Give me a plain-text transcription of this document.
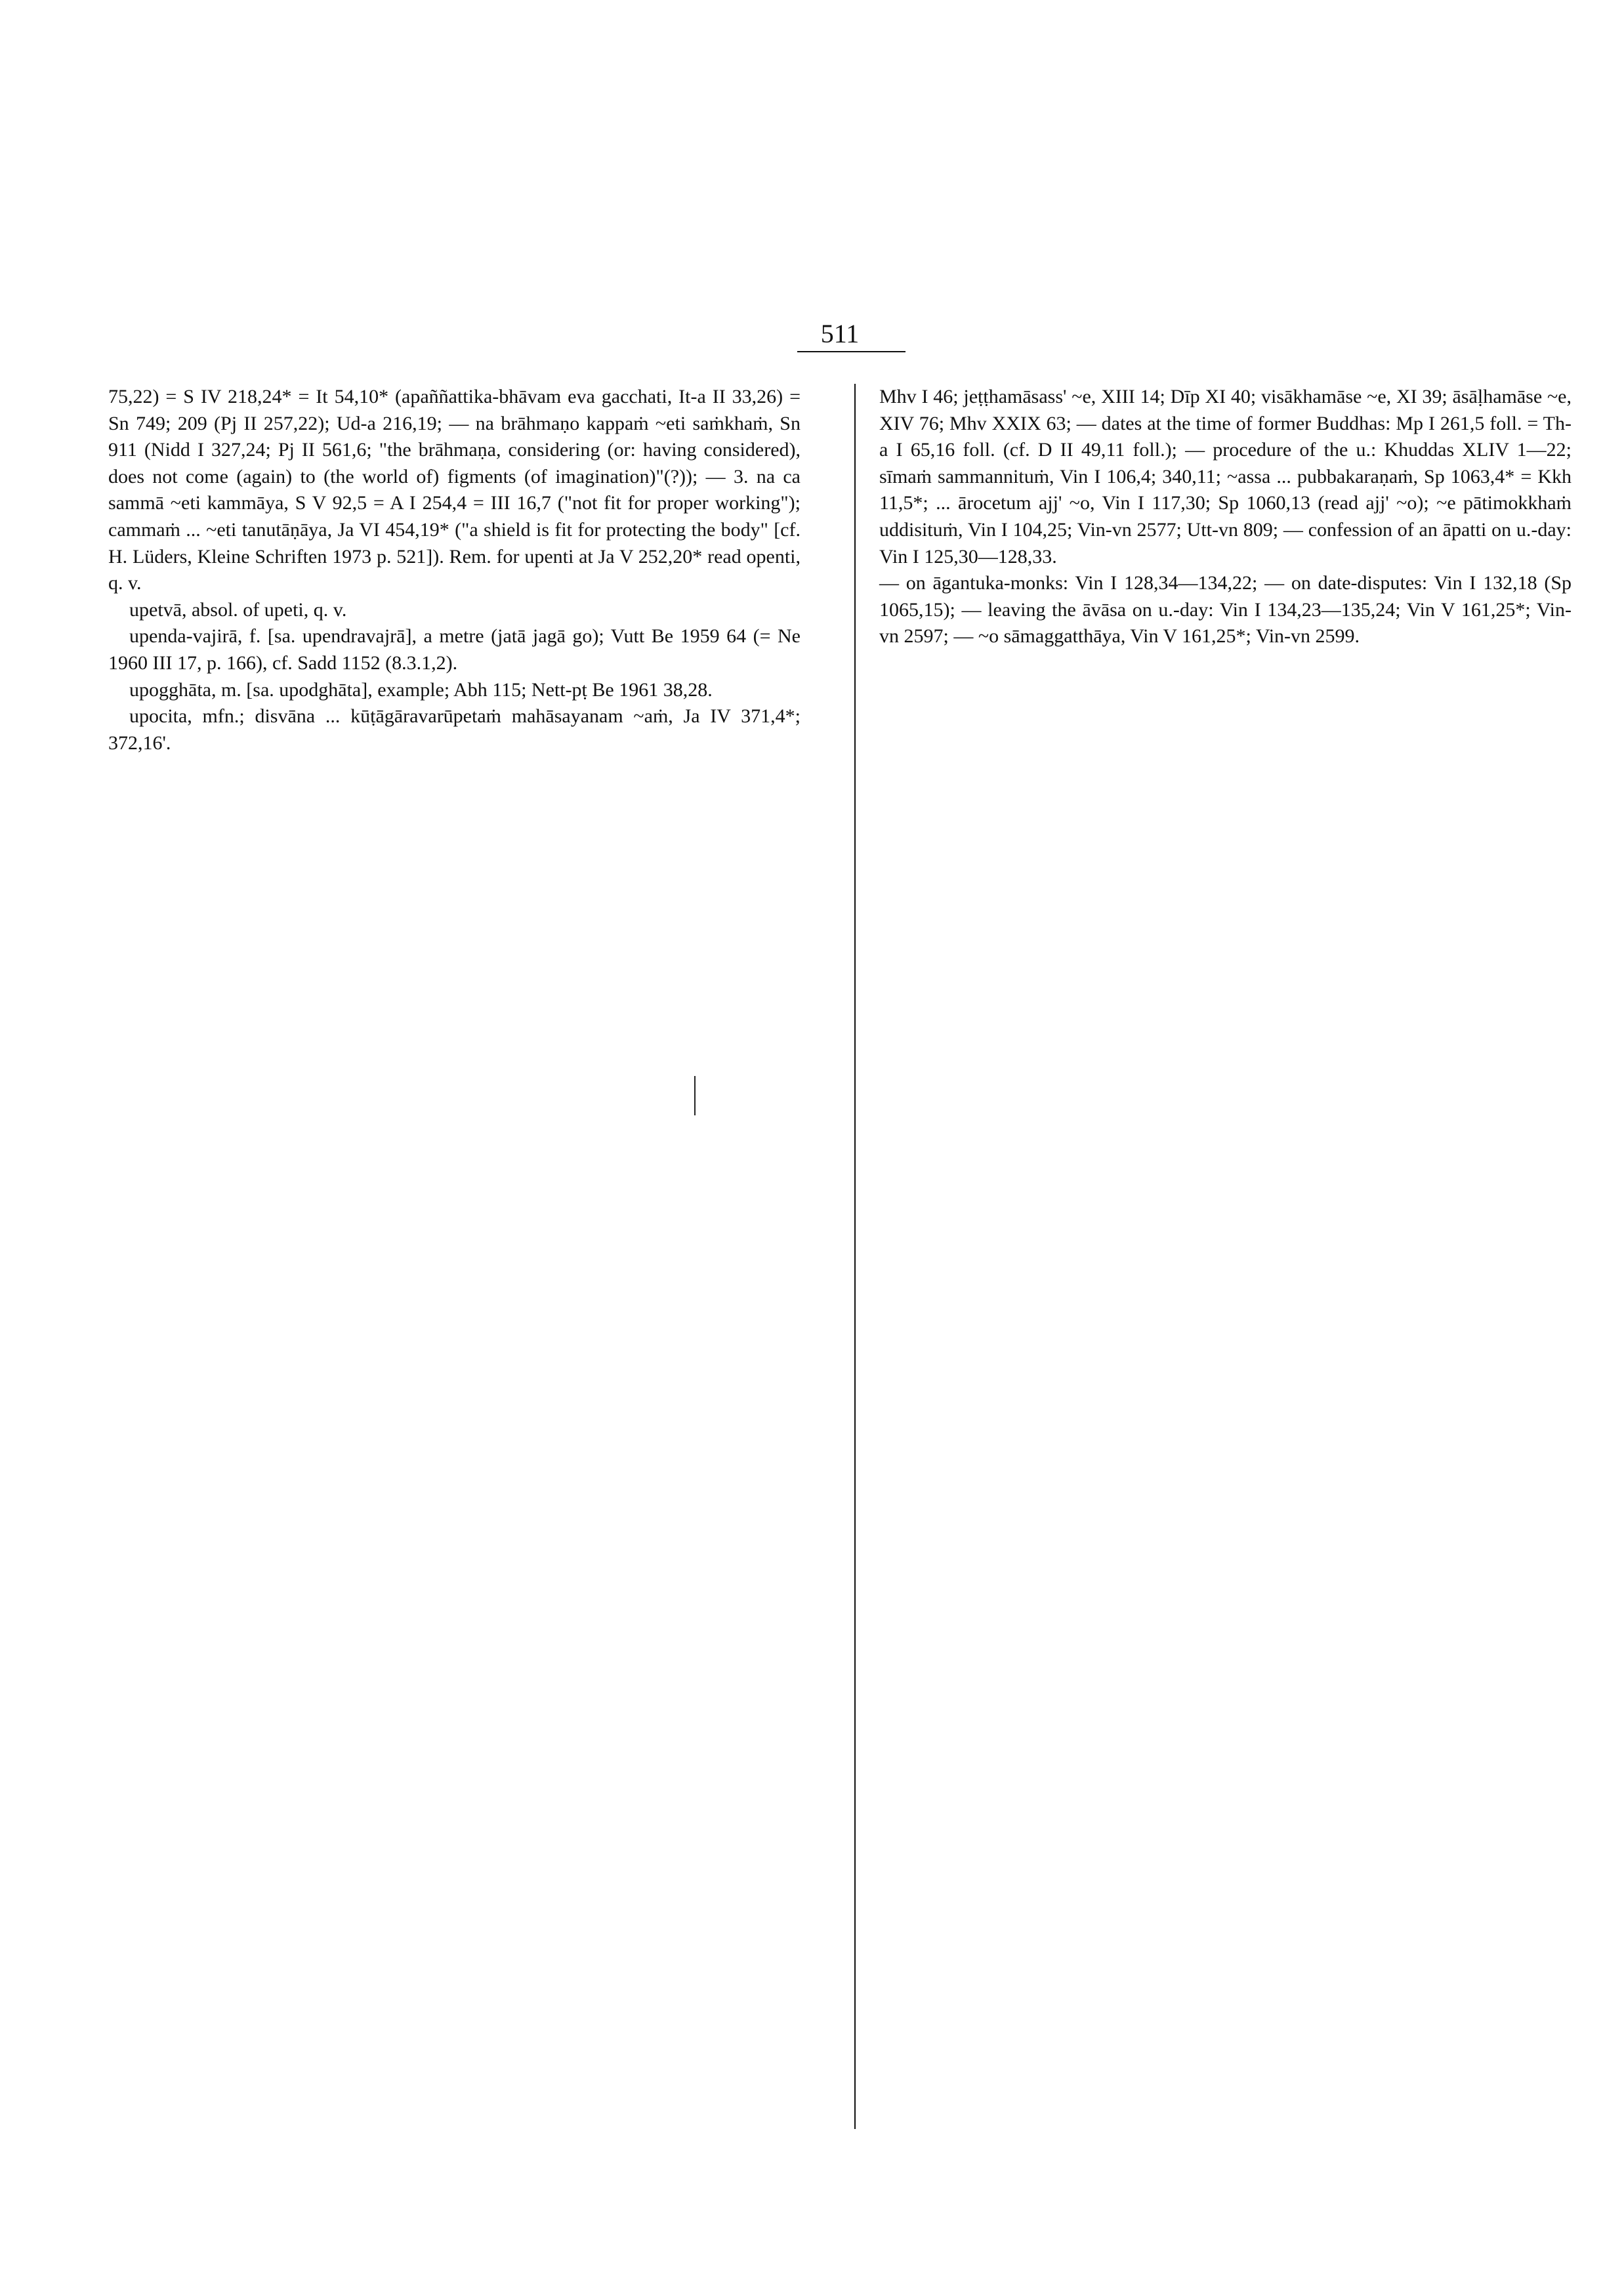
511

75,22) = S IV 218,24* = It 54,10* (apaññattika-bhāvam eva gacchati, It-a II 33,26) = Sn 749; 209 (Pj II 257,22); Ud-a 216,19; — na brāhmaṇo kappaṁ ~eti saṁkhaṁ, Sn 911 (Nidd I 327,24; Pj II 561,6; "the brāhmaṇa, considering (or: having considered), does not come (again) to (the world of) figments (of imagination)"(?)); — 3. na ca sammā ~eti kammāya, S V 92,5 = A I 254,4 = III 16,7 ("not fit for proper working"); cammaṁ ... ~eti tanutāṇāya, Ja VI 454,19* ("a shield is fit for protecting the body" [cf. H. Lüders, Kleine Schriften 1973 p. 521]). Rem. for upenti at Ja V 252,20* read openti, q. v.

upetvā, absol. of upeti, q. v.

upenda-vajirā, f. [sa. upendravajrā], a metre (jatā jagā go); Vutt Be 1959 64 (= Ne 1960 III 17, p. 166), cf. Sadd 1152 (8.3.1,2).

upogghāta, m. [sa. upodghāta], example; Abh 115; Nett-pṭ Be 1961 38,28.

upocita, mfn.; disvāna ... kūṭāgāravarūpetaṁ mahāsayanam ~aṁ, Ja IV 371,4*; 372,16'.

Mhv I 46; jeṭṭhamāsass' ~e, XIII 14; Dīp XI 40; visākhamāse ~e, XI 39; āsāḷhamāse ~e, XIV 76; Mhv XXIX 63; — dates at the time of former Buddhas: Mp I 261,5 foll. = Th-a I 65,16 foll. (cf. D II 49,11 foll.); — procedure of the u.: Khuddas XLIV 1—22; sīmaṁ sammannituṁ, Vin I 106,4; 340,11; ~assa ... pubbakaraṇaṁ, Sp 1063,4* = Kkh 11,5*; ... ārocetum ajj' ~o, Vin I 117,30; Sp 1060,13 (read ajj' ~o); ~e pātimokkhaṁ uddisituṁ, Vin I 104,25; Vin-vn 2577; Utt-vn 809; — confession of an āpatti on u.-day: Vin I 125,30—128,33.

— on āgantuka-monks: Vin I 128,34—134,22; — on date-disputes: Vin I 132,18 (Sp 1065,15); — leaving the āvāsa on u.-day: Vin I 134,23—135,24; Vin V 161,25*; Vin-vn 2597; — ~o sāmaggatthāya, Vin V 161,25*; Vin-vn 2599.
